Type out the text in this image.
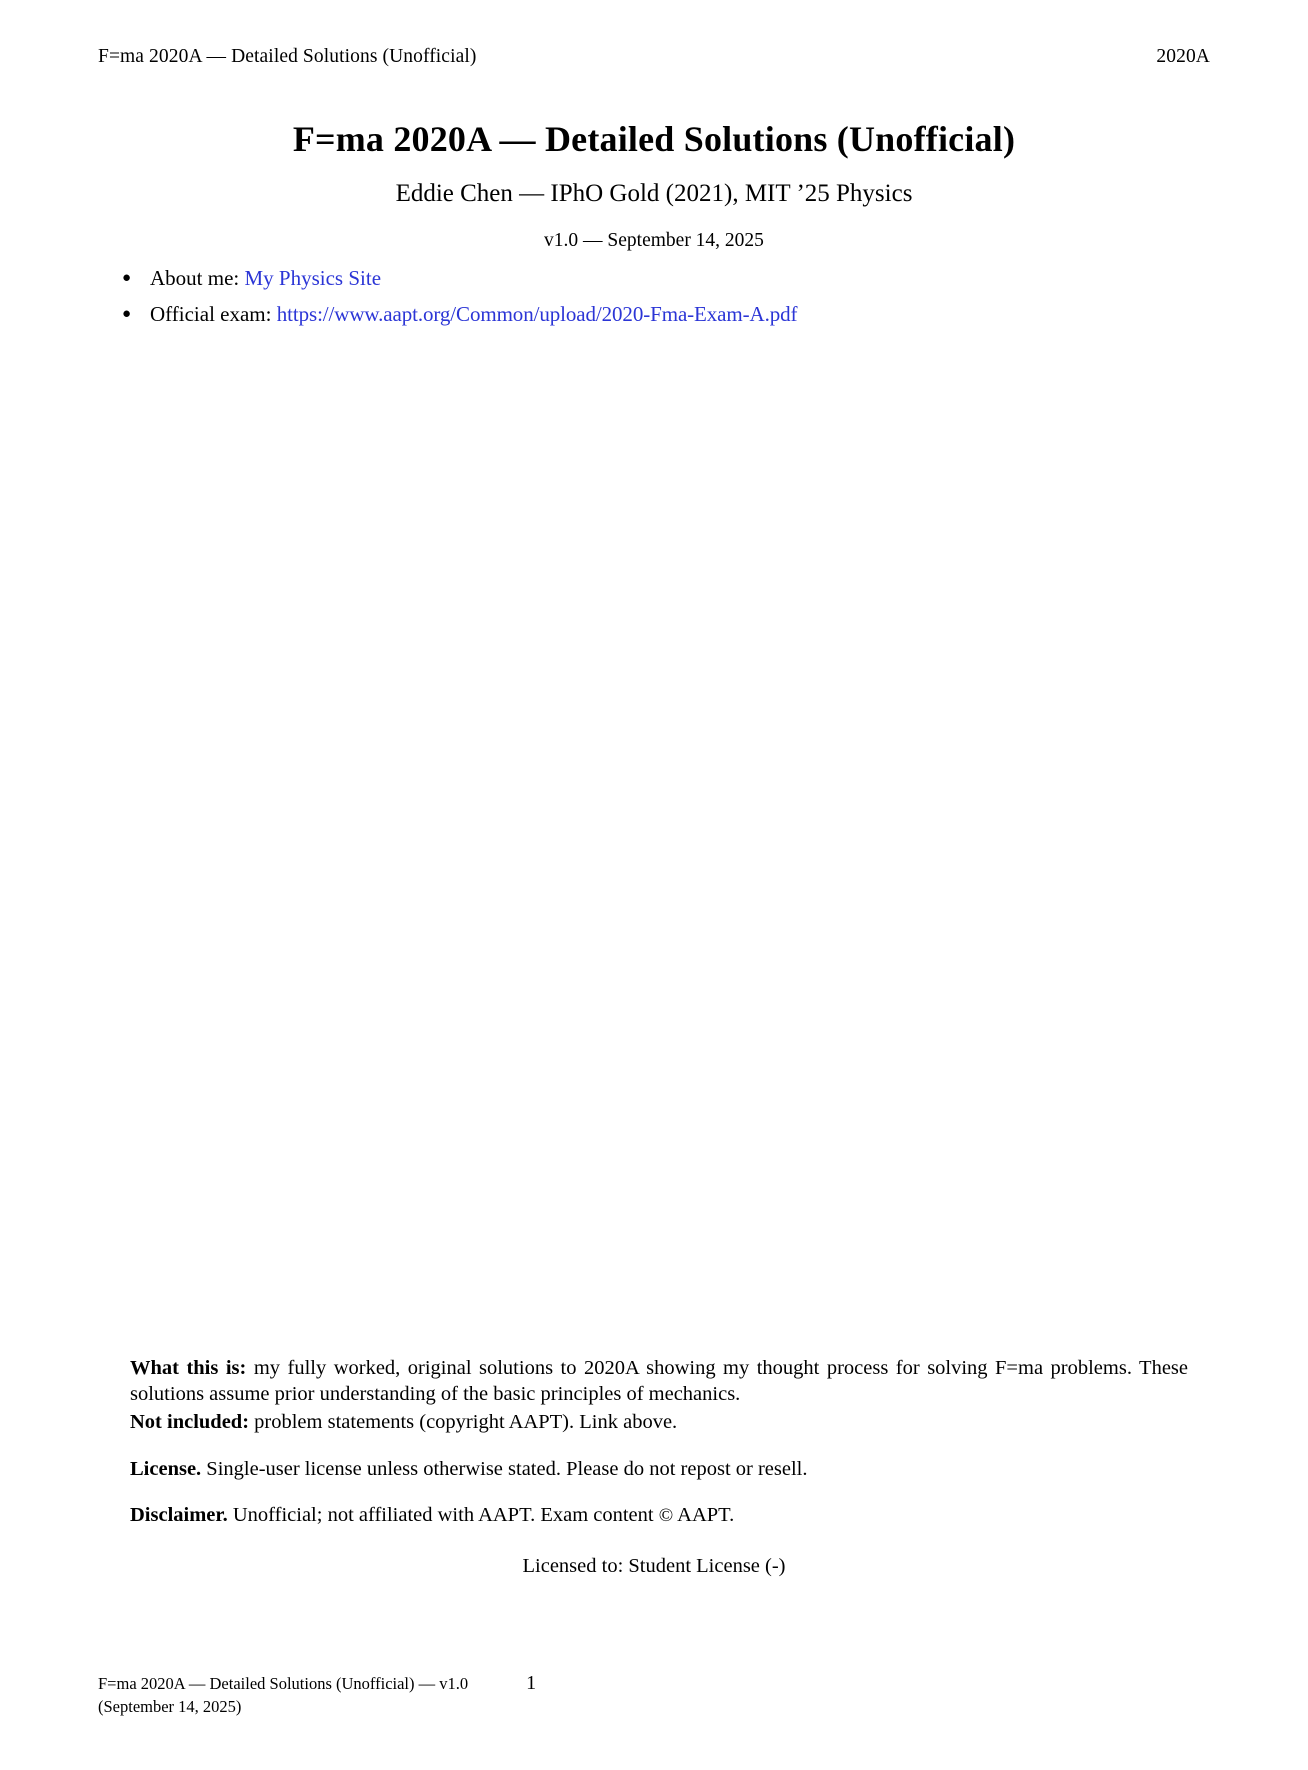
F=ma 2020A — Detailed Solutions (Unofficial)	2020A
F=ma 2020A — Detailed Solutions (Unofficial)
Eddie Chen — IPhO Gold (2021), MIT ’25 Physics
v1.0 — September 14, 2025
● About me: My Physics Site
● Official exam: https://www.aapt.org/Common/upload/2020-Fma-Exam-A.pdf

What this is: my fully worked, original solutions to 2020A showing my thought process for solving F=ma problems. These solutions assume prior understanding of the basic principles of mechanics.

Not included: problem statements (copyright AAPT). Link above.

License. Single-user license unless otherwise stated. Please do not repost or resell.

Disclaimer. Unofficial; not affiliated with AAPT. Exam content © AAPT.

Licensed to: Student License (-)
F=ma 2020A — Detailed Solutions (Unofficial) — v1.0
(September 14, 2025)
1
